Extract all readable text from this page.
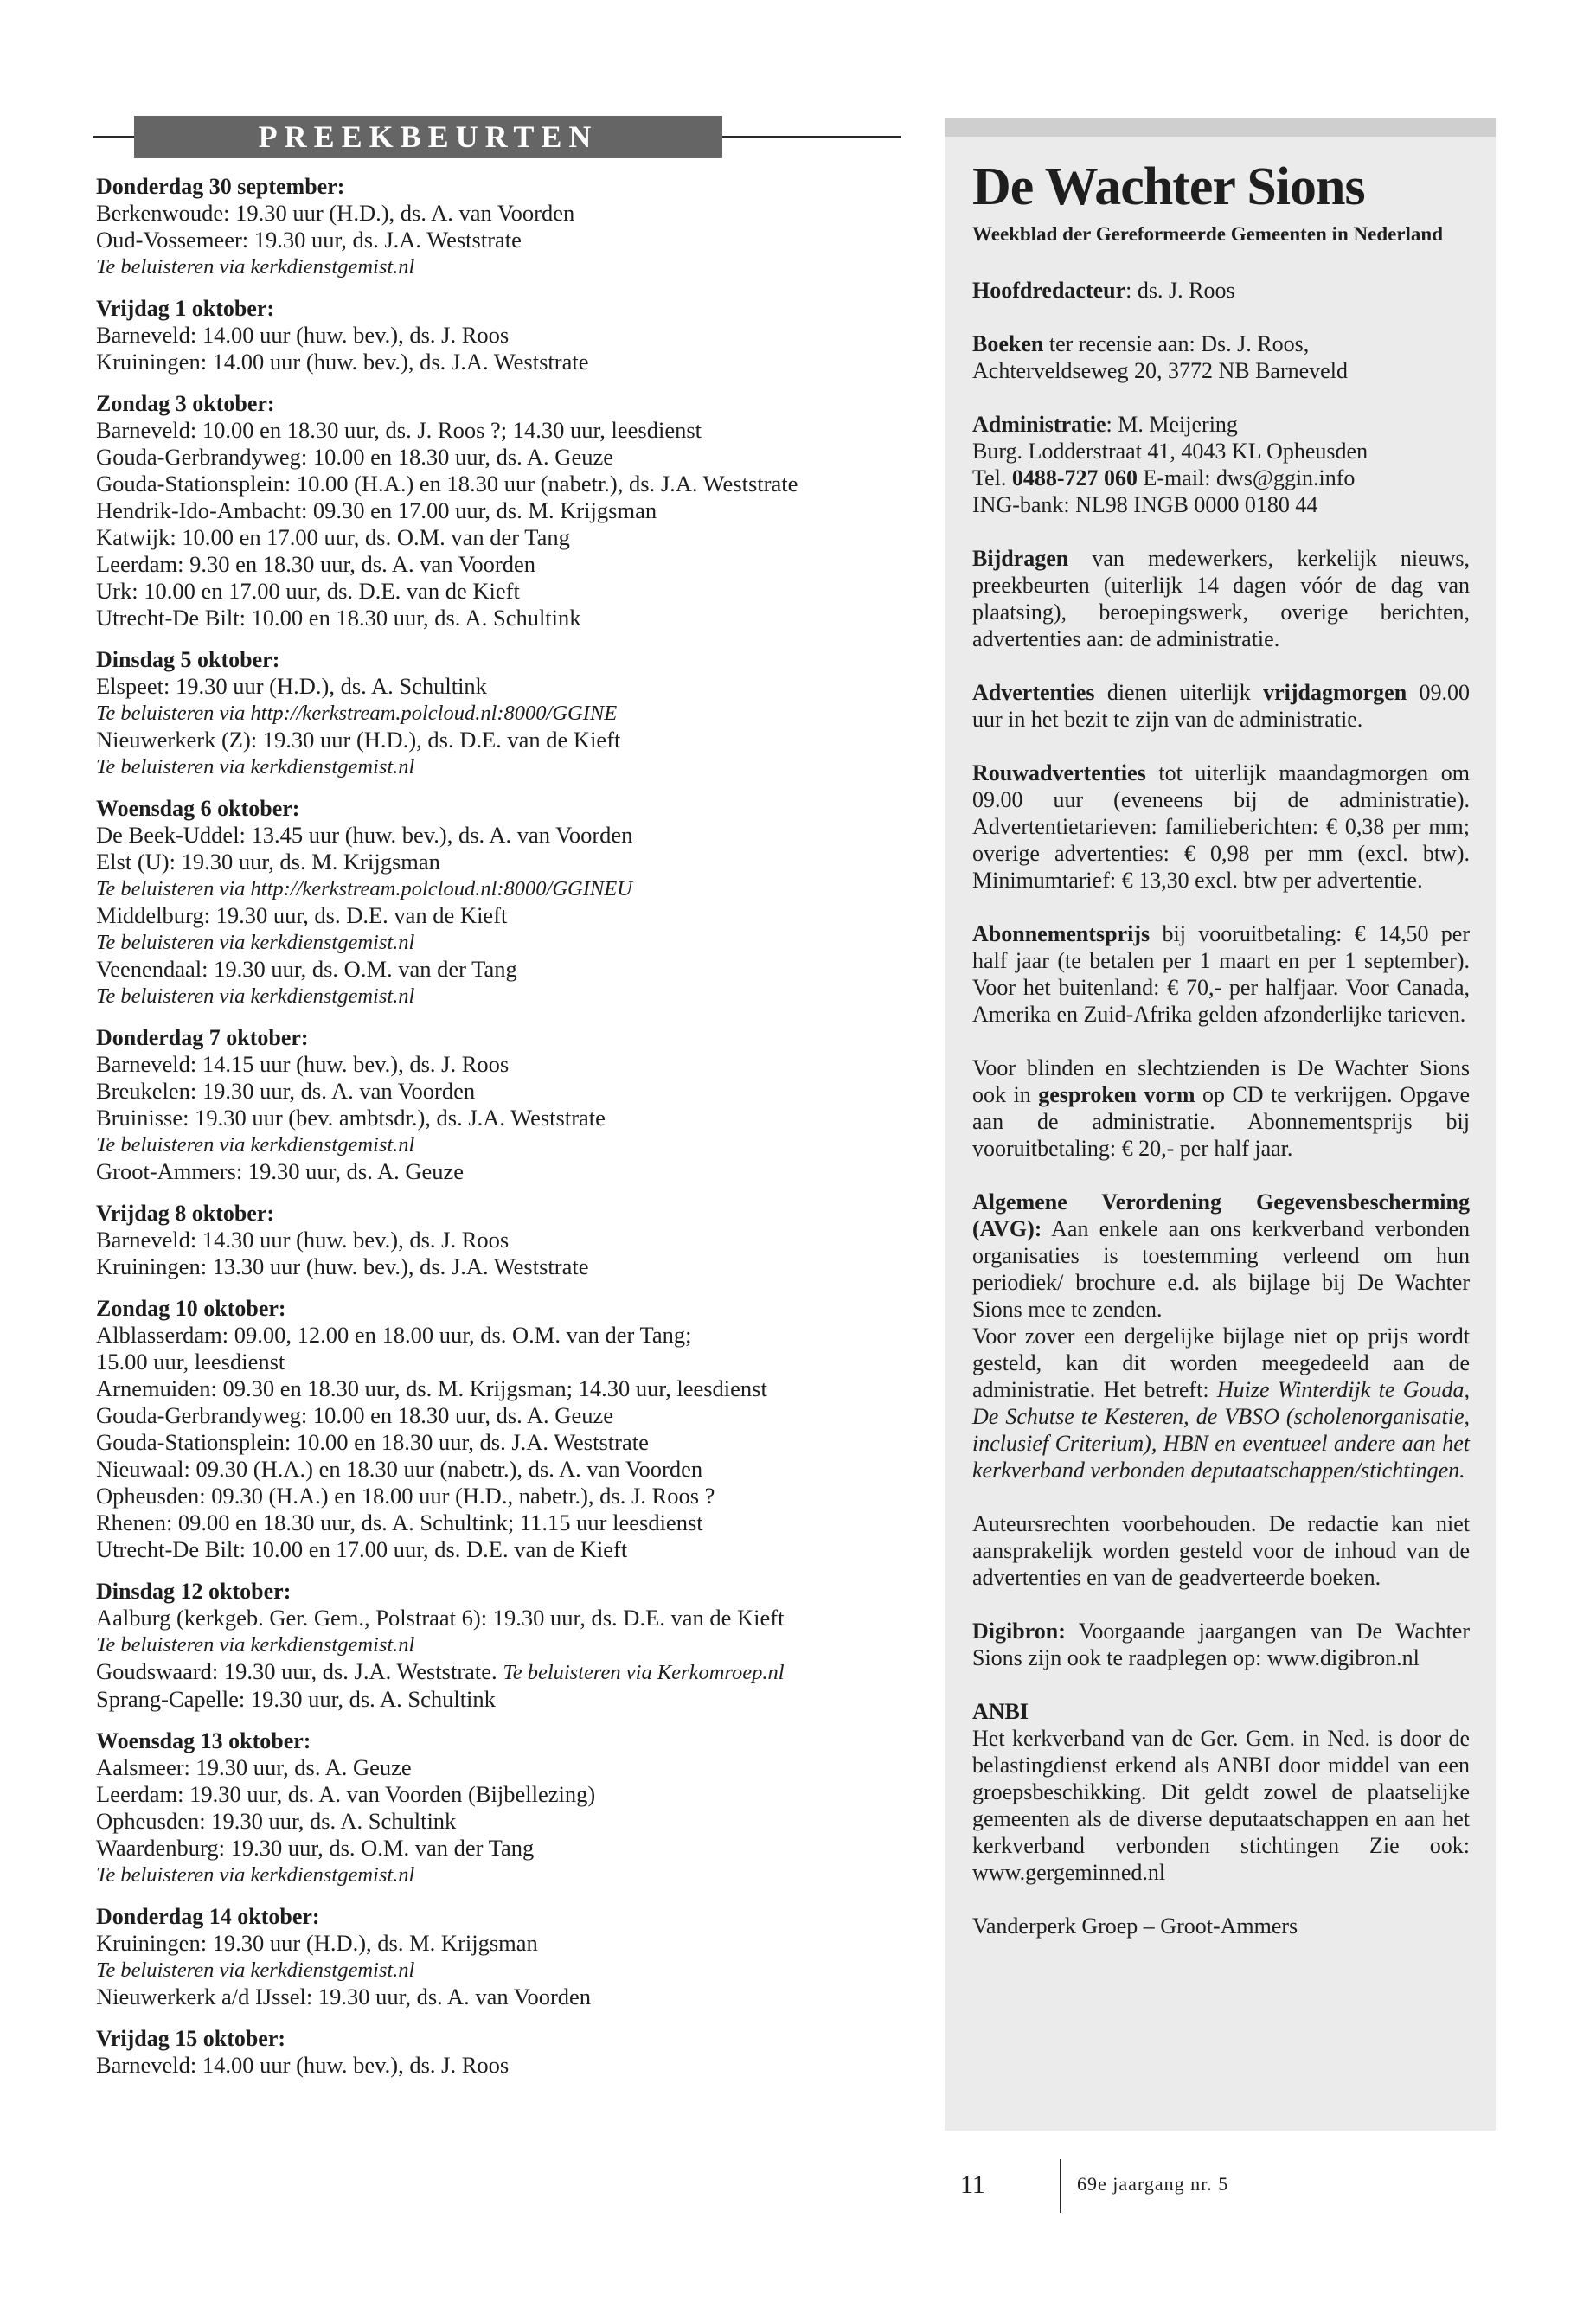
PREEKBEURTEN
Donderdag 30 september:
Berkenwoude: 19.30 uur (H.D.), ds. A. van Voorden
Oud-Vossemeer: 19.30 uur, ds. J.A. Weststrate
Te beluisteren via kerkdienstgemist.nl
Vrijdag 1 oktober:
Barneveld: 14.00 uur (huw. bev.), ds. J. Roos
Kruiningen: 14.00 uur (huw. bev.), ds. J.A. Weststrate
Zondag 3 oktober:
Barneveld: 10.00 en 18.30 uur, ds. J. Roos ?; 14.30 uur, leesdienst
Gouda-Gerbrandyweg: 10.00 en 18.30 uur, ds. A. Geuze
Gouda-Stationsplein: 10.00 (H.A.) en 18.30 uur (nabetr.), ds. J.A. Weststrate
Hendrik-Ido-Ambacht: 09.30 en 17.00 uur, ds. M. Krijgsman
Katwijk: 10.00 en 17.00 uur, ds. O.M. van der Tang
Leerdam: 9.30 en 18.30 uur, ds. A. van Voorden
Urk: 10.00 en 17.00 uur, ds. D.E. van de Kieft
Utrecht-De Bilt: 10.00 en 18.30 uur, ds. A. Schultink
Dinsdag 5 oktober:
Elspeet: 19.30 uur (H.D.), ds. A. Schultink
Te beluisteren via http://kerkstream.polcloud.nl:8000/GGINE
Nieuwerkerk (Z): 19.30 uur (H.D.), ds. D.E. van de Kieft
Te beluisteren via kerkdienstgemist.nl
Woensdag 6 oktober:
De Beek-Uddel: 13.45 uur (huw. bev.), ds. A. van Voorden
Elst (U): 19.30 uur, ds. M. Krijgsman
Te beluisteren via http://kerkstream.polcloud.nl:8000/GGINEU
Middelburg: 19.30 uur, ds. D.E. van de Kieft
Te beluisteren via kerkdienstgemist.nl
Veenendaal: 19.30 uur, ds. O.M. van der Tang
Te beluisteren via kerkdienstgemist.nl
Donderdag 7 oktober:
Barneveld: 14.15 uur (huw. bev.), ds. J. Roos
Breukelen: 19.30 uur, ds. A. van Voorden
Bruinisse: 19.30 uur (bev. ambtsdr.), ds. J.A. Weststrate
Te beluisteren via kerkdienstgemist.nl
Groot-Ammers: 19.30 uur, ds. A. Geuze
Vrijdag 8 oktober:
Barneveld: 14.30 uur (huw. bev.), ds. J. Roos
Kruiningen: 13.30 uur (huw. bev.), ds. J.A. Weststrate
Zondag 10 oktober:
Alblasserdam: 09.00, 12.00 en 18.00 uur, ds. O.M. van der Tang;
15.00 uur, leesdienst
Arnemuiden: 09.30 en 18.30 uur, ds. M. Krijgsman; 14.30 uur, leesdienst
Gouda-Gerbrandyweg: 10.00 en 18.30 uur, ds. A. Geuze
Gouda-Stationsplein: 10.00 en 18.30 uur, ds. J.A. Weststrate
Nieuwaal: 09.30 (H.A.) en 18.30 uur (nabetr.), ds. A. van Voorden
Opheusden: 09.30 (H.A.) en 18.00 uur (H.D., nabetr.), ds. J. Roos ?
Rhenen: 09.00 en 18.30 uur, ds. A. Schultink; 11.15 uur leesdienst
Utrecht-De Bilt: 10.00 en 17.00 uur, ds. D.E. van de Kieft
Dinsdag 12 oktober:
Aalburg (kerkgeb. Ger. Gem., Polstraat 6): 19.30 uur, ds. D.E. van de Kieft
Te beluisteren via kerkdienstgemist.nl
Goudswaard: 19.30 uur, ds. J.A. Weststrate. Te beluisteren via Kerkomroep.nl
Sprang-Capelle: 19.30 uur, ds. A. Schultink
Woensdag 13 oktober:
Aalsmeer: 19.30 uur, ds. A. Geuze
Leerdam: 19.30 uur, ds. A. van Voorden (Bijbellezing)
Opheusden: 19.30 uur, ds. A. Schultink
Waardenburg: 19.30 uur, ds. O.M. van der Tang
Te beluisteren via kerkdienstgemist.nl
Donderdag 14 oktober:
Kruiningen: 19.30 uur (H.D.), ds. M. Krijgsman
Te beluisteren via kerkdienstgemist.nl
Nieuwerkerk a/d IJssel: 19.30 uur, ds. A. van Voorden
Vrijdag 15 oktober:
Barneveld: 14.00 uur (huw. bev.), ds. J. Roos
De Wachter Sions
Weekblad der Gereformeerde Gemeenten in Nederland

Hoofdredacteur: ds. J. Roos

Boeken ter recensie aan: Ds. J. Roos,
Achterveldseweg 20, 3772 NB Barneveld

Administratie: M. Meijering
Burg. Lodderstraat 41, 4043 KL Opheusden
Tel. 0488-727 060 E-mail: dws@ggin.info
ING-bank: NL98 INGB 0000 0180 44

Bijdragen van medewerkers, kerkelijk nieuws, preekbeurten (uiterlijk 14 dagen vóór de dag van plaatsing), beroepingswerk, overige berichten, advertenties aan: de administratie.

Advertenties dienen uiterlijk vrijdagmorgen 09.00 uur in het bezit te zijn van de administratie.

Rouwadvertenties tot uiterlijk maandagmorgen om 09.00 uur (eveneens bij de administratie). Advertentietarieven: familieberichten: € 0,38 per mm; overige advertenties: € 0,98 per mm (excl. btw). Minimumtarief: € 13,30 excl. btw per advertentie.

Abonnementsprijs bij vooruitbetaling: € 14,50 per half jaar (te betalen per 1 maart en per 1 september). Voor het buitenland: € 70,- per halfjaar. Voor Canada, Amerika en Zuid-Afrika gelden afzonderlijke tarieven.

Voor blinden en slechtzienden is De Wachter Sions ook in gesproken vorm op CD te verkrijgen. Opgave aan de administratie. Abonnementsprijs bij vooruitbetaling: € 20,- per half jaar.

Algemene Verordening Gegevensbescherming (AVG): Aan enkele aan ons kerkverband verbonden organisaties is toestemming verleend om hun periodiek/ brochure e.d. als bijlage bij De Wachter Sions mee te zenden.

Voor zover een dergelijke bijlage niet op prijs wordt gesteld, kan dit worden meegedeeld aan de administratie. Het betreft: Huize Winterdijk te Gouda, De Schutse te Kesteren, de VBSO (scholenorganisatie, inclusief Criterium), HBN en eventueel andere aan het kerkverband verbonden deputaatschappen/stichtingen.

Auteursrechten voorbehouden. De redactie kan niet aansprakelijk worden gesteld voor de inhoud van de advertenties en van de geadverteerde boeken.

Digibron: Voorgaande jaargangen van De Wachter Sions zijn ook te raadplegen op: www.digibron.nl

ANBI
Het kerkverband van de Ger. Gem. in Ned. is door de belastingdienst erkend als ANBI door middel van een groepsbeschikking. Dit geldt zowel de plaatselijke gemeenten als de diverse deputaatschappen en aan het kerkverband verbonden stichtingen Zie ook: www.gergeminned.nl

Vanderperk Groep – Groot-Ammers

11	69e jaargang nr. 5
